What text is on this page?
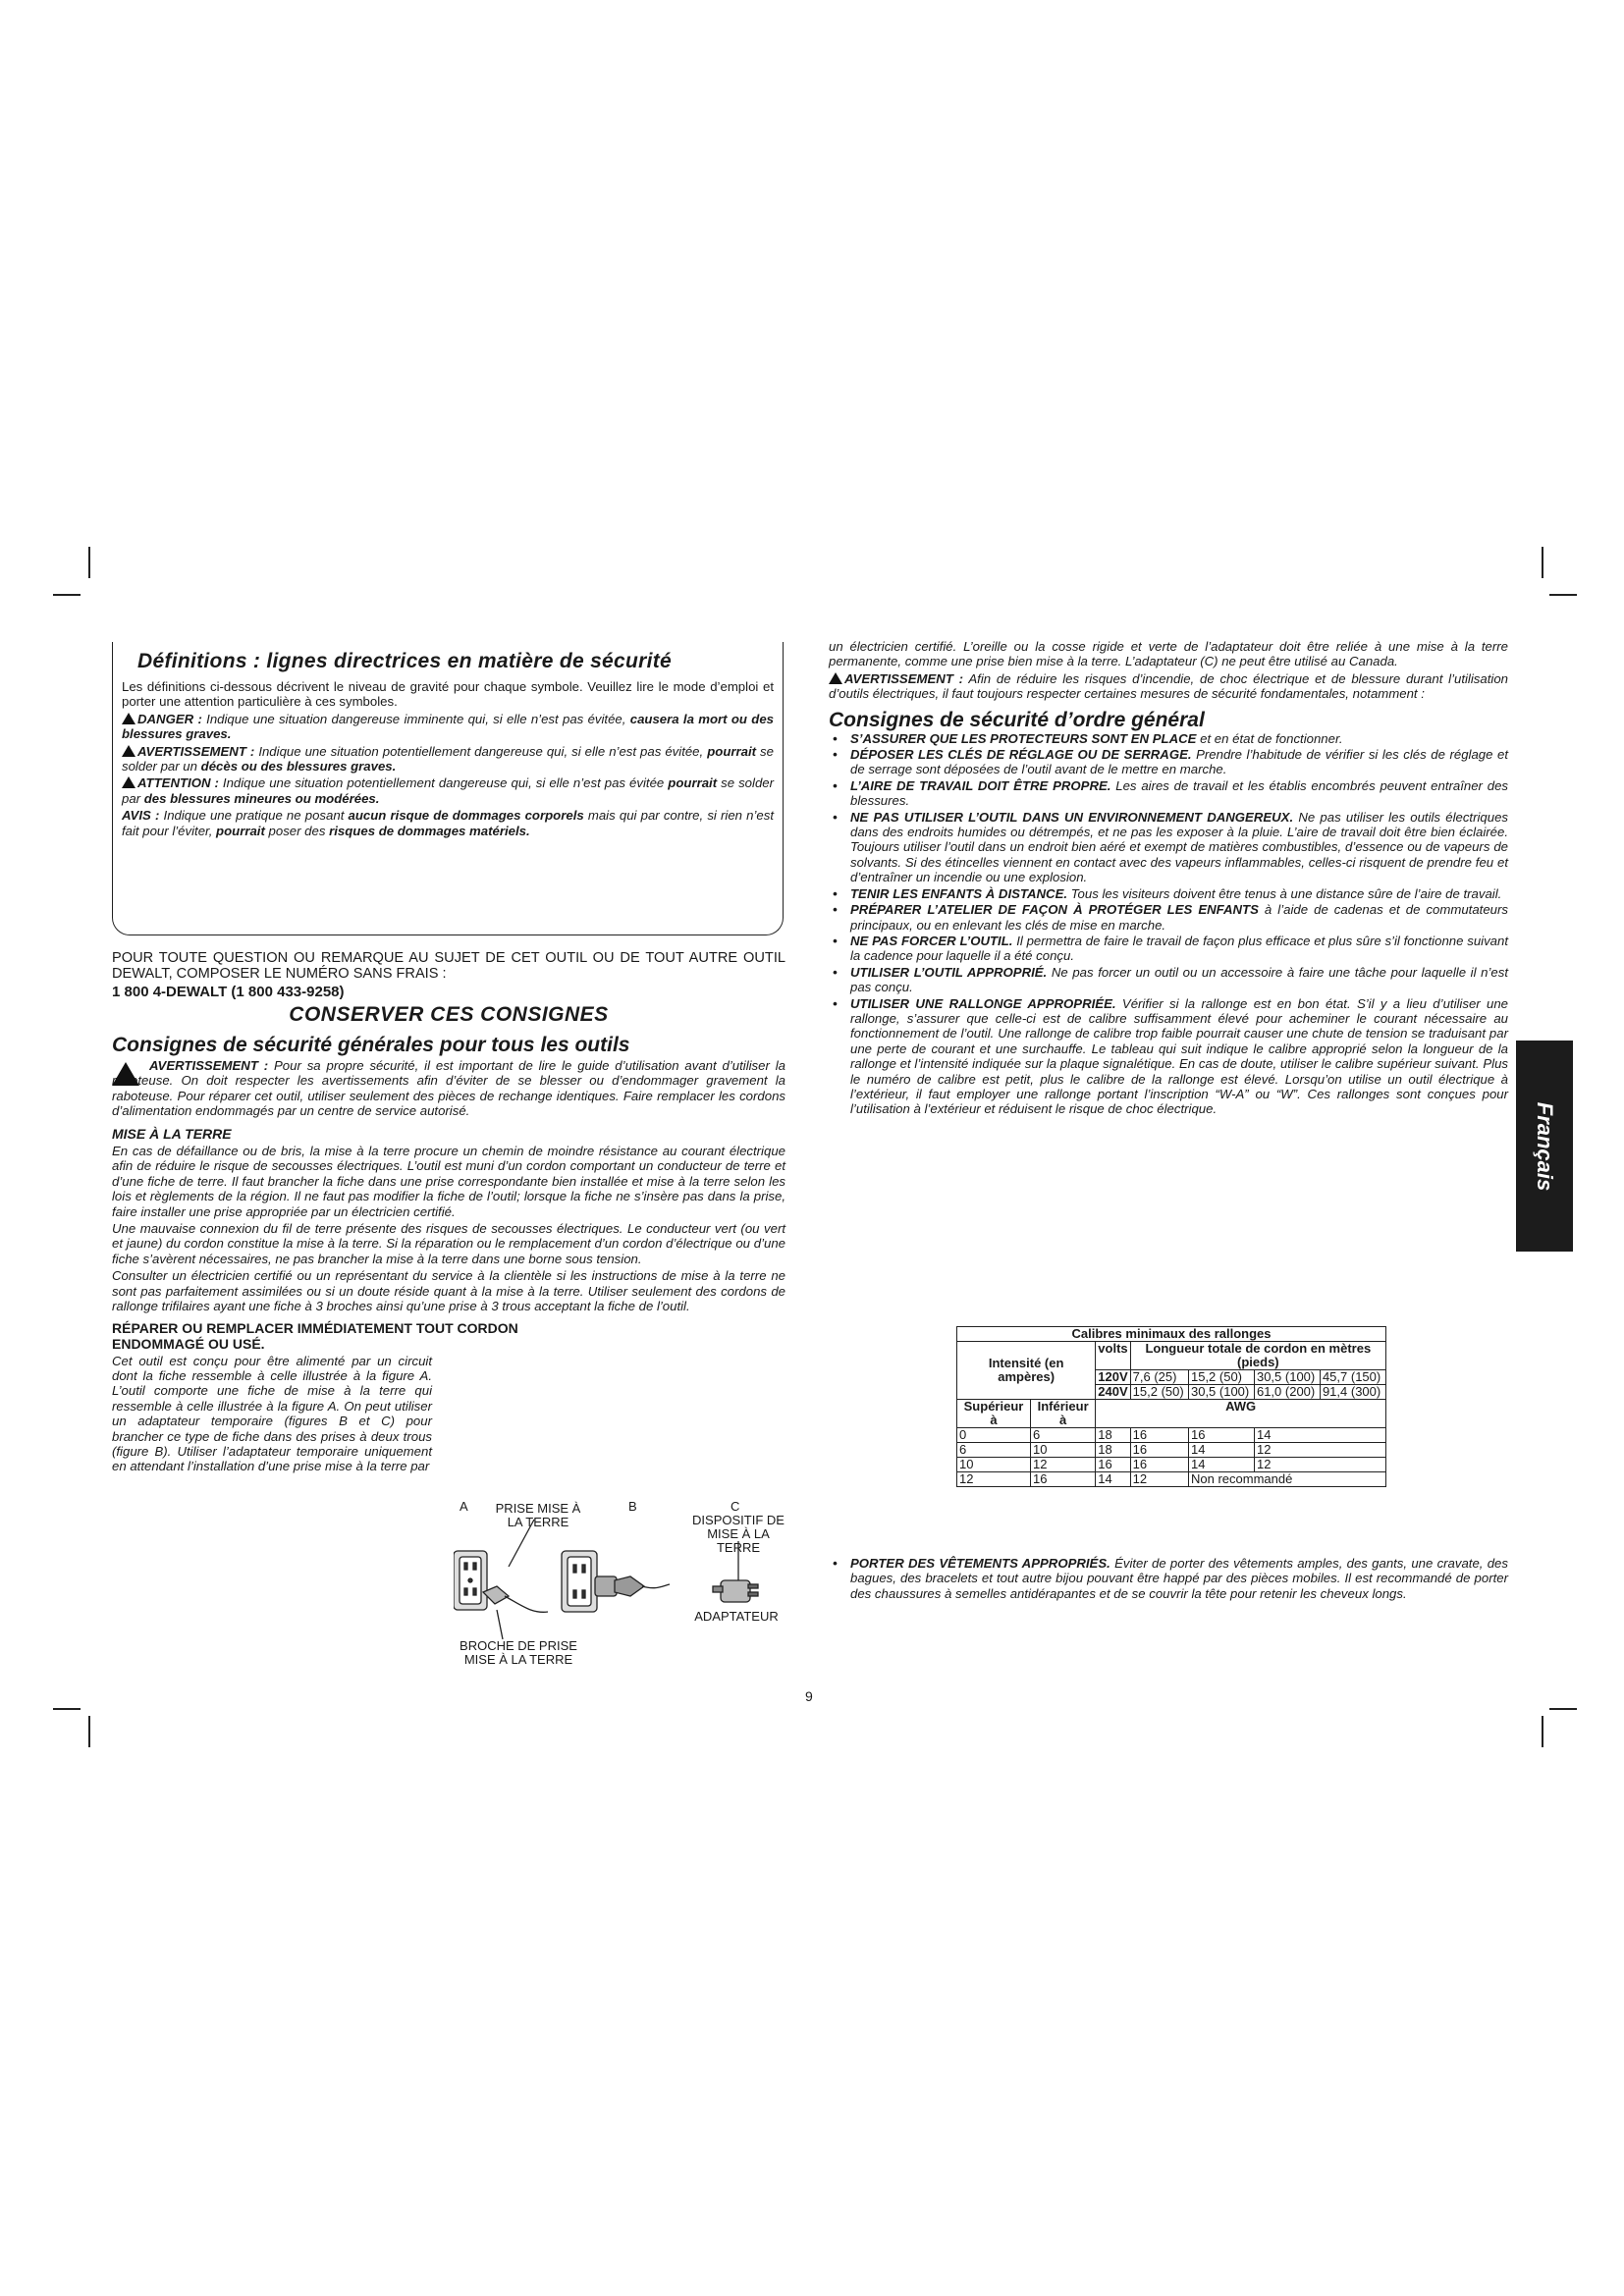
Définitions : lignes directrices en matière de sécurité

Les définitions ci-dessous décrivent le niveau de gravité pour chaque symbole. Veuillez lire le mode d’emploi et porter une attention particulière à ces symboles.

DANGER : Indique une situation dangereuse imminente qui, si elle n’est pas évitée, causera la mort ou des blessures graves.

AVERTISSEMENT : Indique une situation potentiellement dangereuse qui, si elle n’est pas évitée, pourrait se solder par un décès ou des blessures graves.

ATTENTION : Indique une situation potentiellement dangereuse qui, si elle n’est pas évitée pourrait se solder par des blessures mineures ou modérées.

AVIS : Indique une pratique ne posant aucun risque de dommages corporels mais qui par contre, si rien n’est fait pour l’éviter, pourrait poser des risques de dommages matériels.

POUR TOUTE QUESTION OU REMARQUE AU SUJET DE CET OUTIL OU DE TOUT AUTRE OUTIL DEWALT, COMPOSER LE NUMÉRO SANS FRAIS :

1 800 4-DEWALT (1 800 433-9258)

CONSERVER CES CONSIGNES

Consignes de sécurité générales pour tous les outils

AVERTISSEMENT : Pour sa propre sécurité, il est important de lire le guide d’utilisation avant d’utiliser la raboteuse. On doit respecter les avertissements afin d’éviter de se blesser ou d’endommager gravement la raboteuse. Pour réparer cet outil, utiliser seulement des pièces de rechange identiques. Faire remplacer les cordons d’alimentation endommagés par un centre de service autorisé.

MISE À LA TERRE

En cas de défaillance ou de bris, la mise à la terre procure un chemin de moindre résistance au courant électrique afin de réduire le risque de secousses électriques. L’outil est muni d’un cordon comportant un conducteur de terre et d’une fiche de terre. Il faut brancher la fiche dans une prise correspondante bien installée et mise à la terre selon les lois et règlements de la région. Il ne faut pas modifier la fiche de l’outil; lorsque la fiche ne s’insère pas dans la prise, faire installer une prise appropriée par un électricien certifié.

Une mauvaise connexion du fil de terre présente des risques de secousses électriques. Le conducteur vert (ou vert et jaune) du cordon constitue la mise à la terre. Si la réparation ou le remplacement d’un cordon d’électrique ou d’une fiche s’avèrent nécessaires, ne pas brancher la mise à la terre dans une borne sous tension.

Consulter un électricien certifié ou un représentant du service à la clientèle si les instructions de mise à la terre ne sont pas parfaitement assimilées ou si un doute réside quant à la mise à la terre. Utiliser seulement des cordons de rallonge trifilaires ayant une fiche à 3 broches ainsi qu’une prise à 3 trous acceptant la fiche de l’outil.

RÉPARER OU REMPLACER IMMÉDIATEMENT TOUT CORDON ENDOMMAGÉ OU USÉ.

Cet outil est conçu pour être alimenté par un circuit dont la fiche ressemble à celle illustrée à la figure A. L’outil comporte une fiche de mise à la terre qui ressemble à celle illustrée à la figure A. On peut utiliser un adaptateur temporaire (figures B et C) pour brancher ce type de fiche dans des prises à deux trous (figure B). Utiliser l’adaptateur temporaire uniquement en attendant l’installation d’une prise mise à la terre par

A	B	C
PRISE MISE À LA TERRE	DISPOSITIF DE MISE À LA TERRE
ADAPTATEUR
BROCHE DE PRISE MISE À LA TERRE

un électricien certifié. L’oreille ou la cosse rigide et verte de l’adaptateur doit être reliée à une mise à la terre permanente, comme une prise bien mise à la terre. L’adaptateur (C) ne peut être utilisé au Canada.

AVERTISSEMENT : Afin de réduire les risques d’incendie, de choc électrique et de blessure durant l’utilisation d’outils électriques, il faut toujours respecter certaines mesures de sécurité fondamentales, notamment :

Consignes de sécurité d’ordre général

• S’ASSURER QUE LES PROTECTEURS SONT EN PLACE et en état de fonctionner.
• DÉPOSER LES CLÉS DE RÉGLAGE OU DE SERRAGE. Prendre l’habitude de vérifier si les clés de réglage et de serrage sont déposées de l’outil avant de le mettre en marche.
• L’AIRE DE TRAVAIL DOIT ÊTRE PROPRE. Les aires de travail et les établis encombrés peuvent entraîner des blessures.
• NE PAS UTILISER L’OUTIL DANS UN ENVIRONNEMENT DANGEREUX. Ne pas utiliser les outils électriques dans des endroits humides ou détrempés, et ne pas les exposer à la pluie. L’aire de travail doit être bien éclairée. Toujours utiliser l’outil dans un endroit bien aéré et exempt de matières combustibles, d’essence ou de vapeurs de solvants. Si des étincelles viennent en contact avec des vapeurs inflammables, celles-ci risquent de prendre feu et d’entraîner un incendie ou une explosion.
• TENIR LES ENFANTS À DISTANCE. Tous les visiteurs doivent être tenus à une distance sûre de l’aire de travail.
• PRÉPARER L’ATELIER DE FAÇON À PROTÉGER LES ENFANTS à l’aide de cadenas et de commutateurs principaux, ou en enlevant les clés de mise en marche.
• NE PAS FORCER L’OUTIL. Il permettra de faire le travail de façon plus efficace et plus sûre s’il fonctionne suivant la cadence pour laquelle il a été conçu.
• UTILISER L’OUTIL APPROPRIÉ. Ne pas forcer un outil ou un accessoire à faire une tâche pour laquelle il n’est pas conçu.
• UTILISER UNE RALLONGE APPROPRIÉE. Vérifier si la rallonge est en bon état. S’il y a lieu d’utiliser une rallonge, s’assurer que celle-ci est de calibre suffisamment élevé pour acheminer le courant nécessaire au fonctionnement de l’outil. Une rallonge de calibre trop faible pourrait causer une chute de tension se traduisant par une perte de courant et une surchauffe. Le tableau qui suit indique le calibre approprié selon la longueur de la rallonge et l’intensité indiquée sur la plaque signalétique. En cas de doute, utiliser le calibre supérieur suivant. Plus le numéro de calibre est petit, plus le calibre de la rallonge est élevé. Lorsqu’on utilise un outil électrique à l’extérieur, il faut employer une rallonge portant l’inscription “W-A” ou “W”. Ces rallonges sont conçues pour l’utilisation à l’extérieur et réduisent le risque de choc électrique.
Calibres minimaux des rallonges						
Intensité (en ampères)		volts	Longueur totale de cordon en mètres (pieds)			
		120V	7,6 (25)	15,2 (50)	30,5 (100)	45,7 (150)
		240V	15,2 (50)	30,5 (100)	61,0 (200)	91,4 (300)
Supérieur à	Inférieur à	AWG				
0	6	18	16	16	14	
6	10	18	16	14	12	
10	12	16	16	14	12	
12	16	14	12	Non recommandé		
• PORTER DES VÊTEMENTS APPROPRIÉS. Éviter de porter des vêtements amples, des gants, une cravate, des bagues, des bracelets et tout autre bijou pouvant être happé par des pièces mobiles. Il est recommandé de porter des chaussures à semelles antidérapantes et de se couvrir la tête pour retenir les cheveux longs.
Français
9
